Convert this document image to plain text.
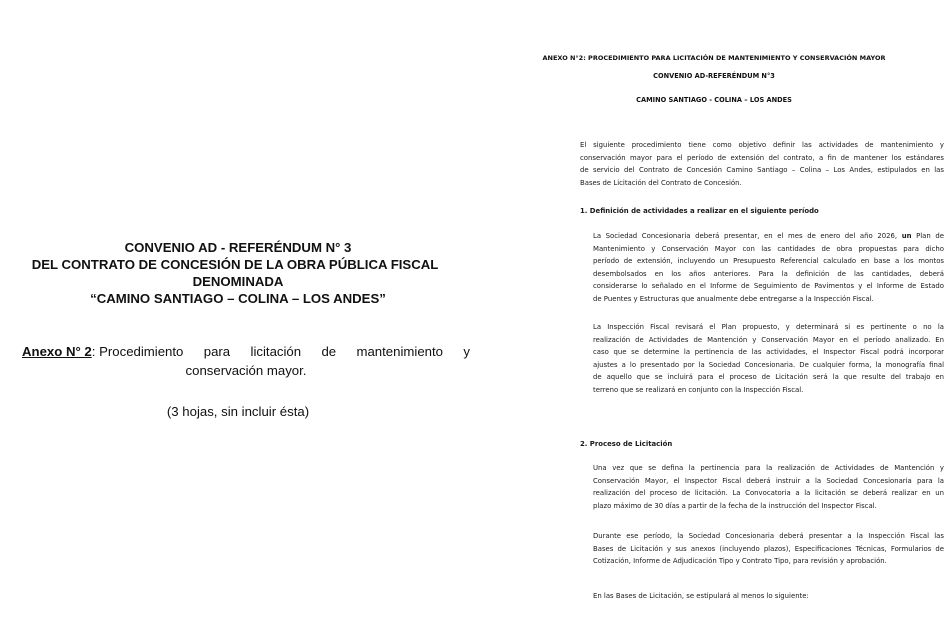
CONVENIO AD - REFERÉNDUM N° 3
DEL CONTRATO DE CONCESIÓN DE LA OBRA PÚBLICA FISCAL
DENOMINADA
“CAMINO SANTIAGO – COLINA – LOS ANDES”
Anexo N° 2: Procedimiento para licitación de mantenimiento y
conservación mayor.
(3 hojas, sin incluir ésta)
ANEXO N°2: PROCEDIMIENTO PARA LICITACIÓN DE MANTENIMIENTO Y CONSERVACIÓN MAYOR
CONVENIO AD-REFERÉNDUM N°3
CAMINO SANTIAGO - COLINA – LOS ANDES
El siguiente procedimiento tiene como objetivo definir las actividades de mantenimiento y
conservación mayor para el período de extensión del contrato, a fin de mantener los estándares
de servicio del Contrato de Concesión Camino Santiago – Colina – Los Andes, estipulados en las
Bases de Licitación del Contrato de Concesión.
1. Definición de actividades a realizar en el siguiente período
La Sociedad Concesionaria deberá presentar, en el mes de enero del año 2026, un Plan de
Mantenimiento y Conservación Mayor con las cantidades de obra propuestas para dicho
período de extensión, incluyendo un Presupuesto Referencial calculado en base a los montos
desembolsados en los años anteriores. Para la definición de las cantidades, deberá
considerarse lo señalado en el Informe de Seguimiento de Pavimentos y el Informe de Estado
de Puentes y Estructuras que anualmente debe entregarse a la Inspección Fiscal.
La Inspección Fiscal revisará el Plan propuesto, y determinará si es pertinente o no la
realización de Actividades de Mantención y Conservación Mayor en el período analizado. En
caso que se determine la pertinencia de las actividades, el Inspector Fiscal podrá incorporar
ajustes a lo presentado por la Sociedad Concesionaria. De cualquier forma, la monografía final
de aquello que se incluirá para el proceso de Licitación será la que resulte del trabajo en
terreno que se realizará en conjunto con la Inspección Fiscal.
2. Proceso de Licitación
Una vez que se defina la pertinencia para la realización de Actividades de Mantención y
Conservación Mayor, el Inspector Fiscal deberá instruir a la Sociedad Concesionaria para la
realización del proceso de licitación. La Convocatoria a la licitación se deberá realizar en un
plazo máximo de 30 días a partir de la fecha de la instrucción del Inspector Fiscal.
Durante ese período, la Sociedad Concesionaria deberá presentar a la Inspección Fiscal las
Bases de Licitación y sus anexos (incluyendo plazos), Especificaciones Técnicas, Formularios de
Cotización, Informe de Adjudicación Tipo y Contrato Tipo, para revisión y aprobación.
En las Bases de Licitación, se estipulará al menos lo siguiente:
